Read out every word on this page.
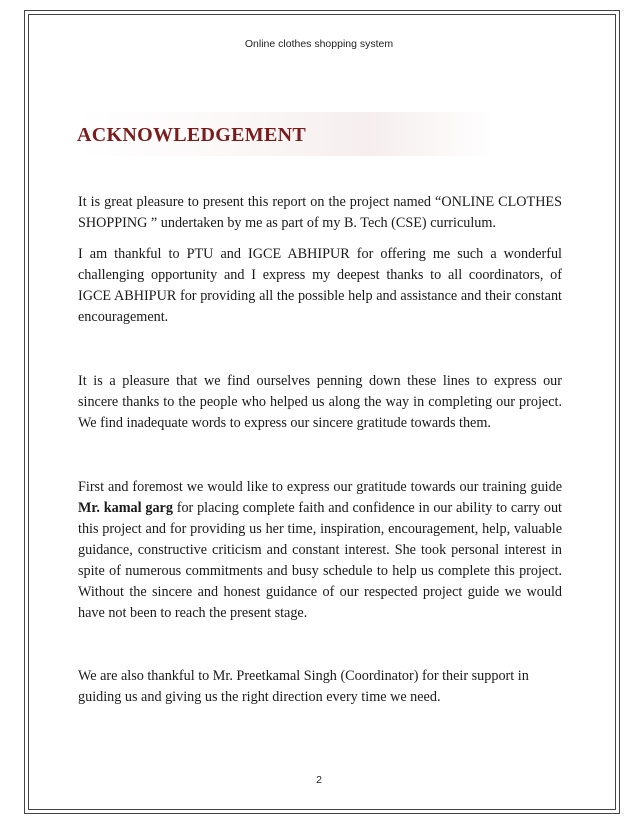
Online clothes shopping system
ACKNOWLEDGEMENT

It is great pleasure to present this report on the project named “ONLINE CLOTHES SHOPPING ” undertaken by me as part of my B. Tech (CSE) curriculum.

I am thankful to PTU and IGCE ABHIPUR for offering me such a wonderful challenging opportunity and I express my deepest thanks to all coordinators, of IGCE ABHIPUR for providing all the possible help and assistance and their constant encouragement.

It is a pleasure that we find ourselves penning down these lines to express our sincere thanks to the people who helped us along the way in completing our project. We find inadequate words to express our sincere gratitude towards them.

First and foremost we would like to express our gratitude towards our training guide Mr. kamal garg for placing complete faith and confidence in our ability to carry out this project and for providing us her time, inspiration, encouragement, help, valuable guidance, constructive criticism and constant interest. She took personal interest in spite of numerous commitments and busy schedule to help us complete this project. Without the sincere and honest guidance of our respected project guide we would have not been to reach the present stage.

We are also thankful to Mr. Preetkamal Singh (Coordinator) for their support in guiding us and giving us the right direction every time we need.

2
